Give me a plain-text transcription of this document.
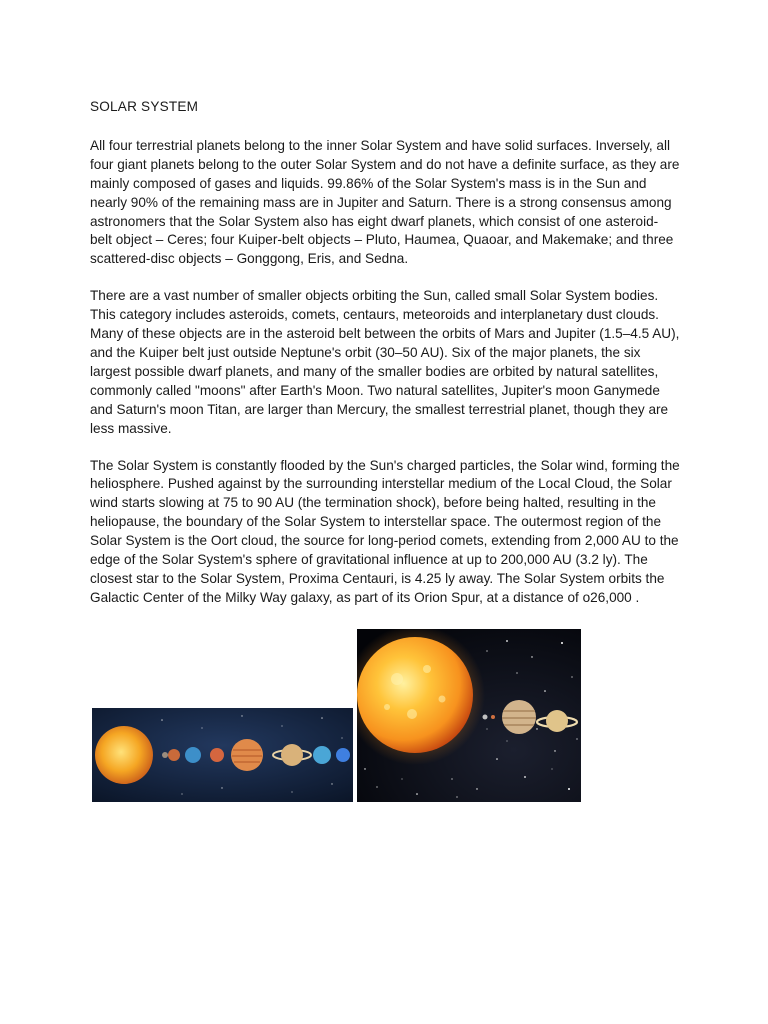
SOLAR SYSTEM

All four terrestrial planets belong to the inner Solar System and have solid surfaces. Inversely, all four giant planets belong to the outer Solar System and do not have a definite surface, as they are mainly composed of gases and liquids. 99.86% of the Solar System's mass is in the Sun and nearly 90% of the remaining mass are in Jupiter and Saturn. There is a strong consensus among astronomers that the Solar System also has eight dwarf planets, which consist of one asteroid-belt object – Ceres; four Kuiper-belt objects – Pluto, Haumea, Quaoar, and Makemake; and three scattered-disc objects – Gonggong, Eris, and Sedna.

There are a vast number of smaller objects orbiting the Sun, called small Solar System bodies. This category includes asteroids, comets, centaurs, meteoroids and interplanetary dust clouds. Many of these objects are in the asteroid belt between the orbits of Mars and Jupiter (1.5–4.5 AU), and the Kuiper belt just outside Neptune's orbit (30–50 AU). Six of the major planets, the six largest possible dwarf planets, and many of the smaller bodies are orbited by natural satellites, commonly called "moons" after Earth's Moon. Two natural satellites, Jupiter's moon Ganymede and Saturn's moon Titan, are larger than Mercury, the smallest terrestrial planet, though they are less massive.

The Solar System is constantly flooded by the Sun's charged particles, the Solar wind, forming the heliosphere. Pushed against by the surrounding interstellar medium of the Local Cloud, the Solar wind starts slowing at 75 to 90 AU (the termination shock), before being halted, resulting in the heliopause, the boundary of the Solar System to interstellar space. The outermost region of the Solar System is the Oort cloud, the source for long-period comets, extending from 2,000 AU to the edge of the Solar System's sphere of gravitational influence at up to 200,000 AU (3.2 ly). The closest star to the Solar System, Proxima Centauri, is 4.25 ly away. The Solar System orbits the Galactic Center of the Milky Way galaxy, as part of its Orion Spur, at a distance of o26,000 .
